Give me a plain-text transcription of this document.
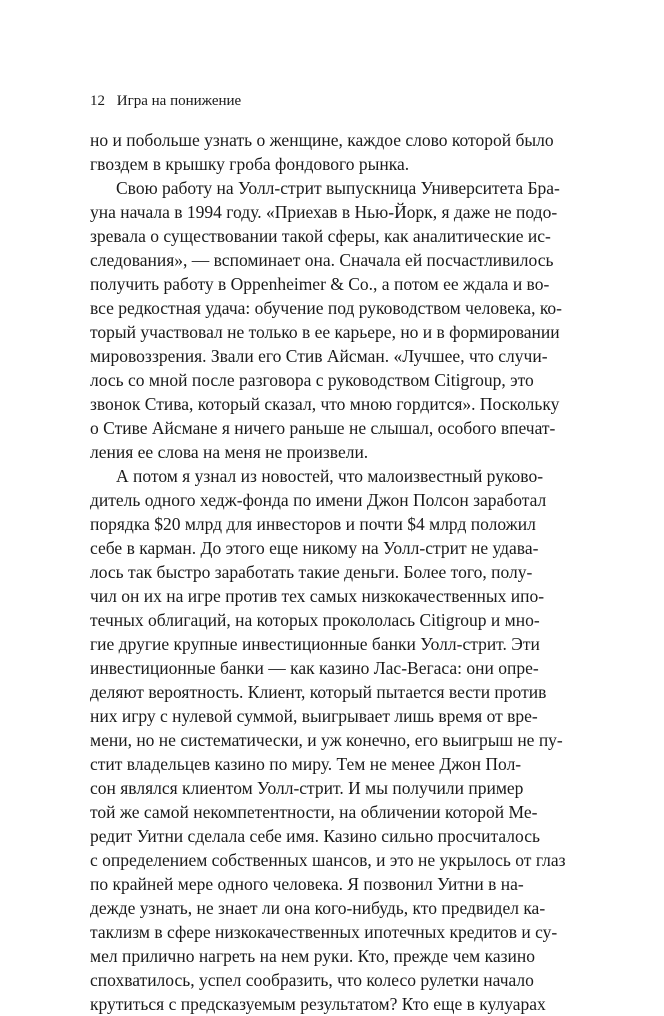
12 Игра на понижение
но и побольше узнать о женщине, каждое слово которой было
гвоздем в крышку гроба фондового рынка.
Свою работу на Уолл-стрит выпускница Университета Бра-
уна начала в 1994 году. «Приехав в Нью-Йорк, я даже не подо-
зревала о существовании такой сферы, как аналитические ис-
следования», — вспоминает она. Сначала ей посчастливилось
получить работу в Oppenheimer & Co., а потом ее ждала и во-
все редкостная удача: обучение под руководством человека, ко-
торый участвовал не только в ее карьере, но и в формировании
мировоззрения. Звали его Стив Айсман. «Лучшее, что случи-
лось со мной после разговора с руководством Citigroup, это
звонок Стива, который сказал, что мною гордится». Поскольку
о Стиве Айсмане я ничего раньше не слышал, особого впечат-
ления ее слова на меня не произвели.
А потом я узнал из новостей, что малоизвестный руково-
дитель одного хедж-фонда по имени Джон Полсон заработал
порядка $20 млрд для инвесторов и почти $4 млрд положил
себе в карман. До этого еще никому на Уолл-стрит не удава-
лось так быстро заработать такие деньги. Более того, полу-
чил он их на игре против тех самых низкокачественных ипо-
течных облигаций, на которых прокололась Citigroup и мно-
гие другие крупные инвестиционные банки Уолл-стрит. Эти
инвестиционные банки — как казино Лас-Вегаса: они опре-
деляют вероятность. Клиент, который пытается вести против
них игру с нулевой суммой, выигрывает лишь время от вре-
мени, но не систематически, и уж конечно, его выигрыш не пу-
стит владельцев казино по миру. Тем не менее Джон Пол-
сон являлся клиентом Уолл-стрит. И мы получили пример
той же самой некомпетентности, на обличении которой Ме-
редит Уитни сделала себе имя. Казино сильно просчиталось
с определением собственных шансов, и это не укрылось от глаз
по крайней мере одного человека. Я позвонил Уитни в на-
дежде узнать, не знает ли она кого-нибудь, кто предвидел ка-
таклизм в сфере низкокачественных ипотечных кредитов и су-
мел прилично нагреть на нем руки. Кто, прежде чем казино
спохватилось, успел сообразить, что колесо рулетки начало
крутиться с предсказуемым результатом? Кто еще в кулуарах
